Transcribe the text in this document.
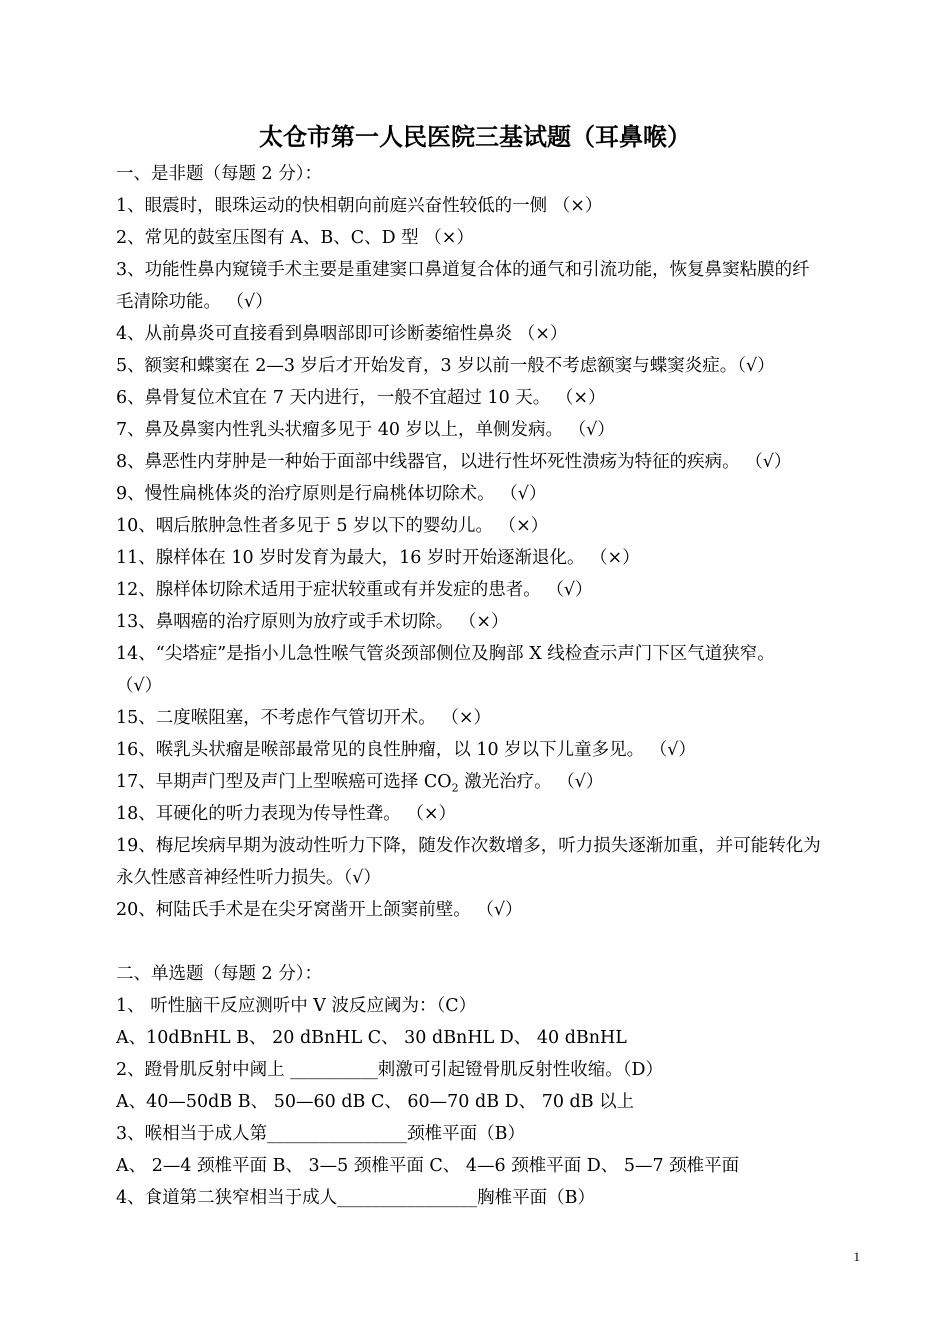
太仓市第一人民医院三基试题（耳鼻喉）
一、是非题（每题 2 分）：
1、眼震时，眼珠运动的快相朝向前庭兴奋性较低的一侧 （×）
2、常见的鼓室压图有 A、B、C、D 型 （×）
3、功能性鼻内窥镜手术主要是重建窦口鼻道复合体的通气和引流功能，恢复鼻窦粘膜的纤
毛清除功能。 （√）
4、从前鼻炎可直接看到鼻咽部即可诊断萎缩性鼻炎 （×）
5、额窦和蝶窦在 2—3 岁后才开始发育，3 岁以前一般不考虑额窦与蝶窦炎症。（√）
6、鼻骨复位术宜在 7 天内进行，一般不宜超过 10 天。 （×）
7、鼻及鼻窦内性乳头状瘤多见于 40 岁以上，单侧发病。 （√）
8、鼻恶性内芽肿是一种始于面部中线器官，以进行性坏死性溃疡为特征的疾病。 （√）
9、慢性扁桃体炎的治疗原则是行扁桃体切除术。 （√）
10、咽后脓肿急性者多见于 5 岁以下的婴幼儿。 （×）
11、腺样体在 10 岁时发育为最大，16 岁时开始逐渐退化。 （×）
12、腺样体切除术适用于症状较重或有并发症的患者。 （√）
13、鼻咽癌的治疗原则为放疗或手术切除。 （×）
14、“尖塔症”是指小儿急性喉气管炎颈部侧位及胸部 X 线检查示声门下区气道狭窄。
（√）
15、二度喉阻塞，不考虑作气管切开术。 （×）
16、喉乳头状瘤是喉部最常见的良性肿瘤，以 10 岁以下儿童多见。 （√）
17、早期声门型及声门上型喉癌可选择 $CO_2$ 激光治疗。 （√）
18、耳硬化的听力表现为传导性聋。 （×）
19、梅尼埃病早期为波动性听力下降，随发作次数增多，听力损失逐渐加重，并可能转化为
永久性感音神经性听力损失。（√）
20、柯陆氏手术是在尖牙窝凿开上颌窦前壁。 （√）
二、单选题（每题 2 分）：
1、 听性脑干反应测听中 V 波反应阈为：（C）
A、10dBnHL B、 20 dBnHL C、 30 dBnHL D、 40 dBnHL
2、蹬骨肌反射中阈上 __________刺激可引起镫骨肌反射性收缩。（D）
A、40—50dB B、 50—60 dB C、 60—70 dB D、 70 dB 以上
3、喉相当于成人第________________颈椎平面（B）
A、 2—4 颈椎平面 B、 3—5 颈椎平面 C、 4—6 颈椎平面 D、 5—7 颈椎平面
4、食道第二狭窄相当于成人________________胸椎平面（B）
1
